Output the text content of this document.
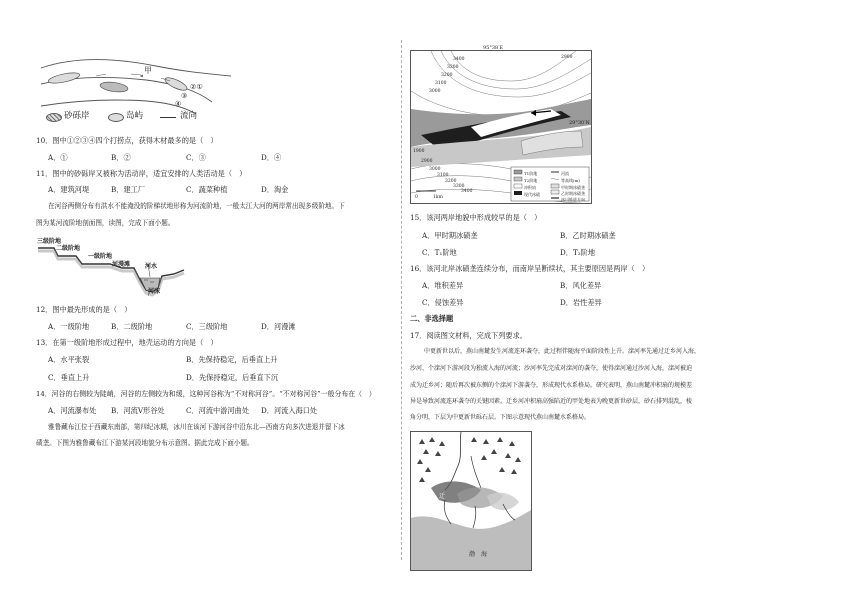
甲
②①
③
④
砂砾岸	岛屿	流向
10．图中①②③④四个打捞点，获得木材最多的是（　）
A．①	B．②	C．③	D．④
11．图中的砂砾岸又被称为活动岸，适宜安排的人类活动是（　）
A．建筑河堤	B．建工厂	C．蔬菜种植	D．淘金
在河谷两侧分布有洪水不能淹没的阶梯状地形称为河流阶地，一般太江大河的两岸常出现多级阶地。下
图为某河流阶地剖面图，读图，完成下面小题。
三级阶地
二级阶地
一级阶地
河漫滩 河水
河床
12．图中最先形成的是（　）
A．一级阶地	B．二级阶地	C．三级阶地	D．河漫滩
13．在第一级阶地形成过程中，地壳运动的方向是（　）
A．水平张裂	B．先保持稳定，后垂直上升
C．垂直上升	D．先保持稳定，后垂直下沉
14．河谷的右侧较为陡峭，河谷的左侧较为和缓，这种河谷称为“不对称河谷”。“不对称河谷”一般分布在（　）
A．河流瀑布处 B．河流V形谷处	C．河流中游河曲处 D．河流入海口处
雅鲁藏布江位于西藏东南部，第四纪冰期，冰川在该河下游河谷中沿东北—西南方向多次进退并留下冰
碛垄。下图为雅鲁藏布江下游某河段地貌分布示意图。据此完成下面小题。
95°38′E
29°30′N
2900
3400
3300
3200
3100
3000
2900
3000
3100
3200
3300
3400
1900
T1阶地
T2阶地
冲积扇
现代冰碛
河流
等高线(m)
甲时期冰碛垄
乙时期冰碛垄
冰川推进方向
0	1km
15．该河两岸地貌中形成较早的是（　）
A．甲时期冰碛垄	B．乙时期冰碛垄
C．T₁阶地	D．T₂阶地
16．该河北岸冰碛垄连续分布，而南岸呈断续状，其主要原因是两岸（　）
A．堆积差异	B．风化差异
C．侵蚀差异	D．岩性差异
二、非选择题
17．阅读图文材料，完成下列要求。
中更新世以后，燕山南麓发生河流连环袭夺，此过程伴随海平面阶段性上升。滦河率先通过迁乡河入海，
沙河、个滦河下游河段为独流入海的河流；沙河率先完成对滦河的袭夺，使得滦河通过沙河入海，滦河被迫
成为迁乡河；随后再次被东侧的个滦河下游袭夺，形成现代水系格局。研究表明，燕山南麓冲积扇的规模差
异是导致河流连环袭夺的关键因素。迁乡河冲积扇高强陷近的甲处地表为晚更新世砂层，砂石排列混乱，棱
角分明，下层为中更新世砾石层。下图示意现代燕山南麓水系格局。
迁
渤　海
